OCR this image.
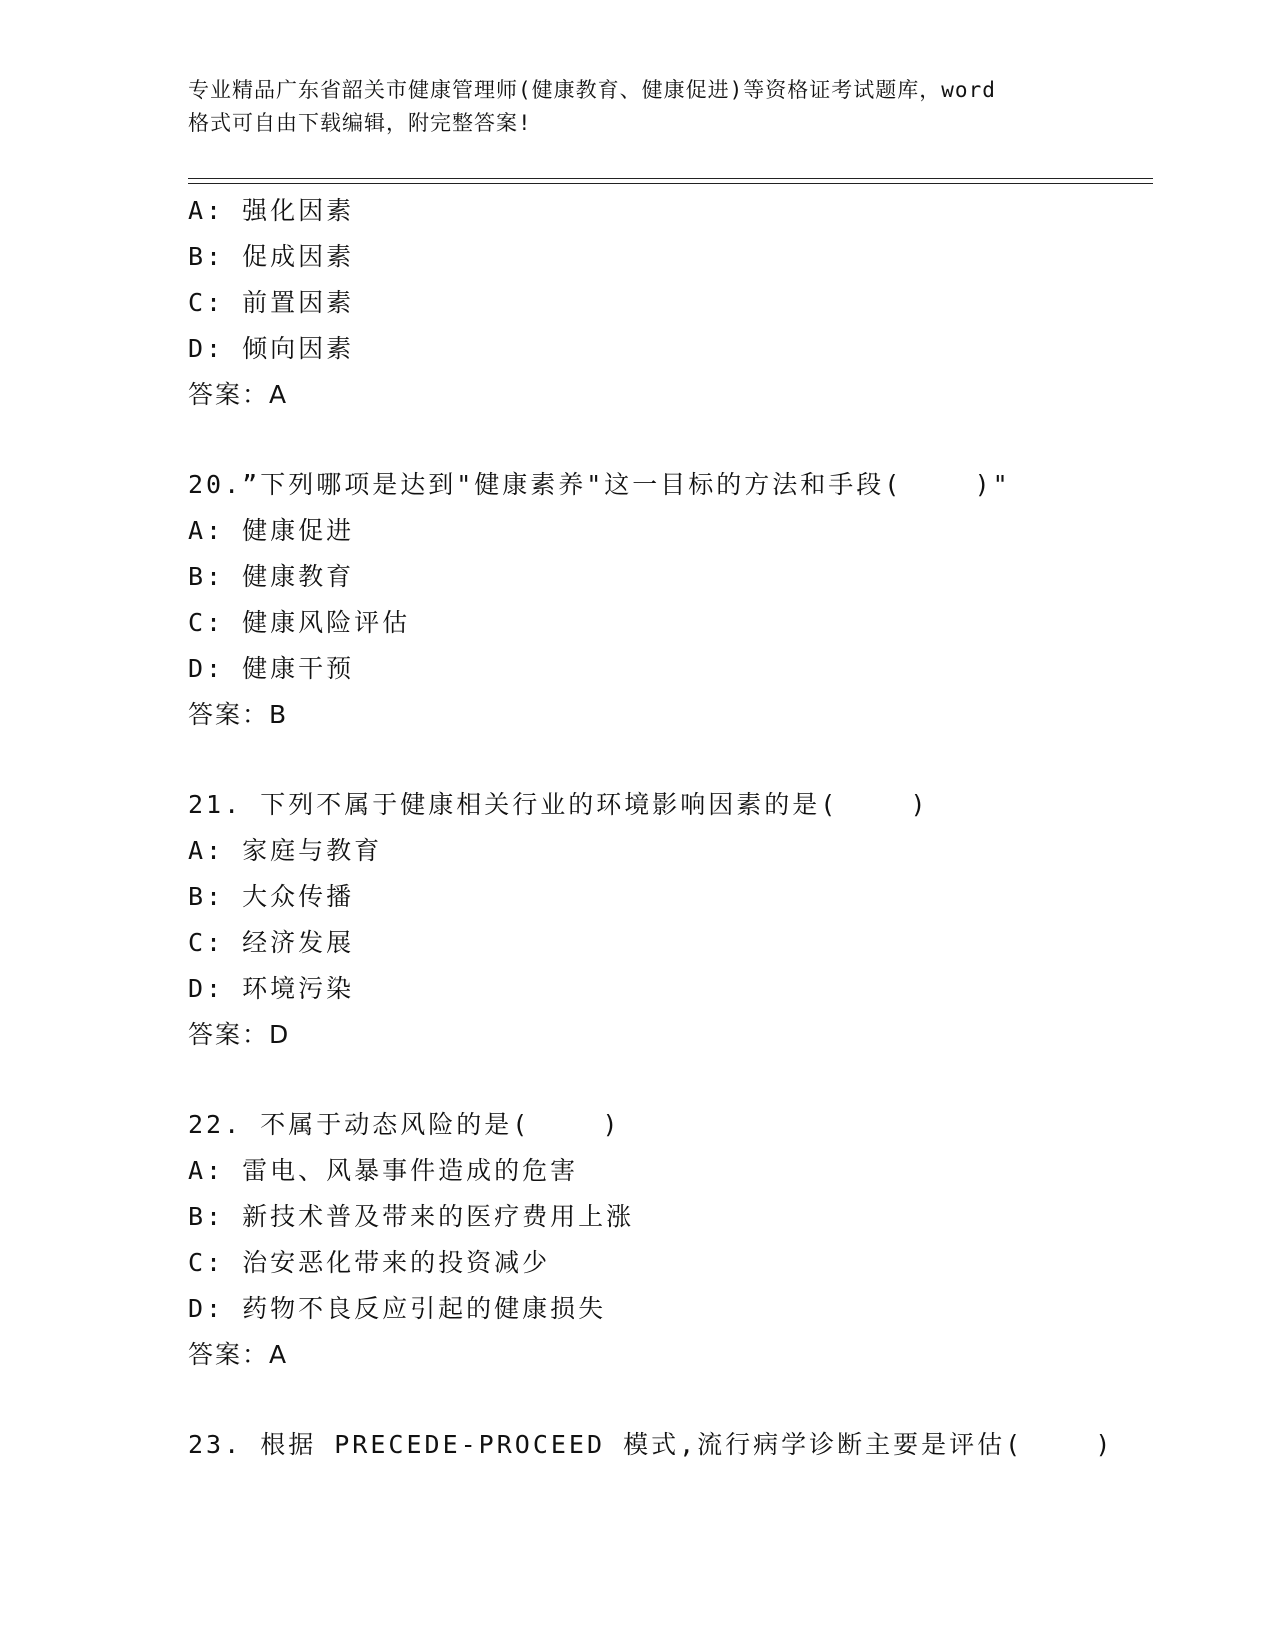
专业精品广东省韶关市健康管理师(健康教育、健康促进)等资格证考试题库，word
格式可自由下载编辑，附完整答案!
A: 强化因素
B: 促成因素
C: 前置因素
D: 倾向因素
答案：A
20.”下列哪项是达到"健康素养"这一目标的方法和手段(    )"
A: 健康促进
B: 健康教育
C: 健康风险评估
D: 健康干预
答案：B
21. 下列不属于健康相关行业的环境影响因素的是(    )
A: 家庭与教育
B: 大众传播
C: 经济发展
D: 环境污染
答案：D
22. 不属于动态风险的是(    )
A: 雷电、风暴事件造成的危害
B: 新技术普及带来的医疗费用上涨
C: 治安恶化带来的投资减少
D: 药物不良反应引起的健康损失
答案：A
23. 根据 PRECEDE-PROCEED 模式,流行病学诊断主要是评估(    )
